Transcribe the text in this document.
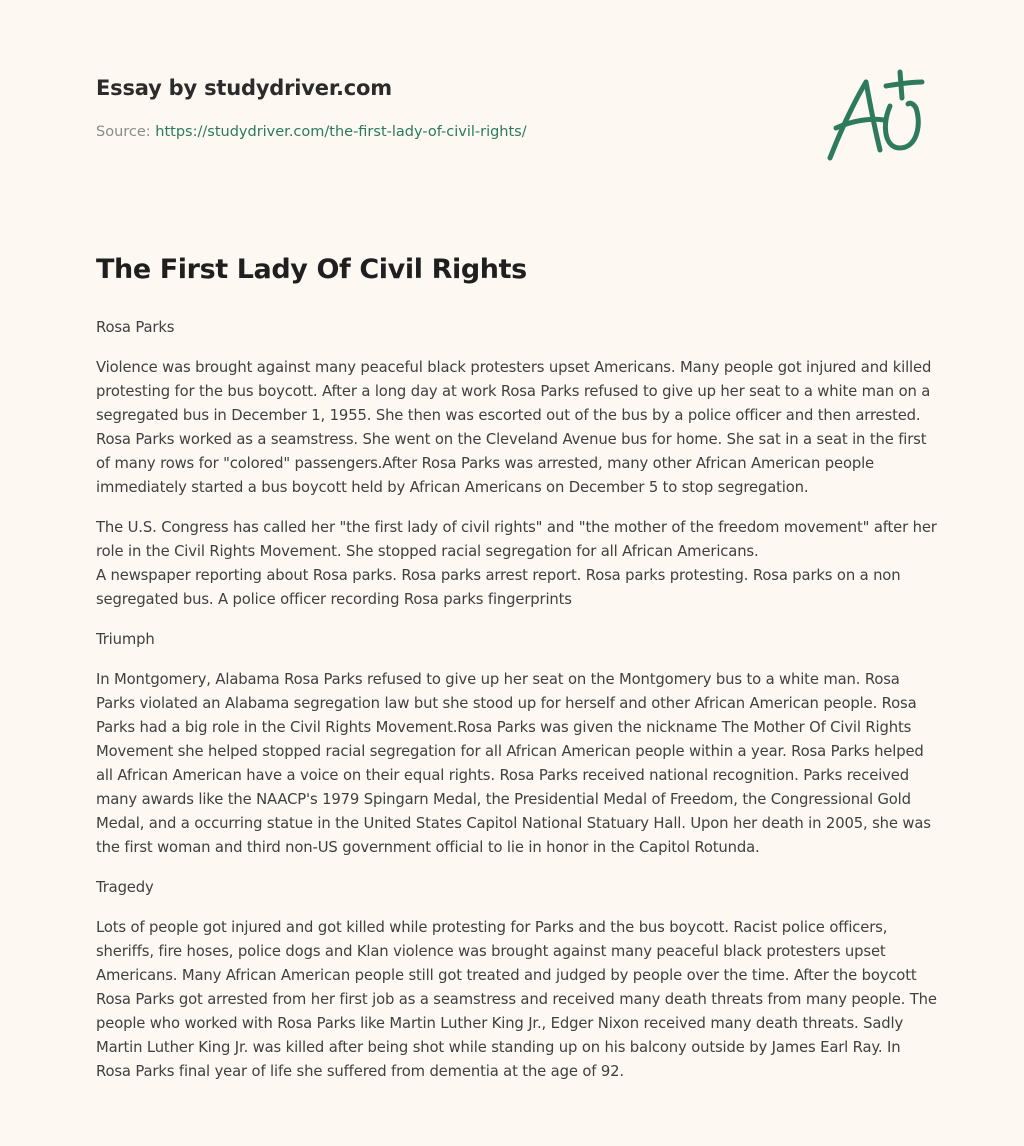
Essay by studydriver.com
Source: https://studydriver.com/the-first-lady-of-civil-rights/
The First Lady Of Civil Rights

Rosa Parks

Violence was brought against many peaceful black protesters upset Americans. Many people got injured and killed protesting for the bus boycott. After a long day at work Rosa Parks refused to give up her seat to a white man on a segregated bus in December 1, 1955. She then was escorted out of the bus by a police officer and then arrested.
Rosa Parks worked as a seamstress. She went on the Cleveland Avenue bus for home. She sat in a seat in the first of many rows for "colored" passengers.After Rosa Parks was arrested, many other African American people immediately started a bus boycott held by African Americans on December 5 to stop segregation.

The U.S. Congress has called her "the first lady of civil rights" and "the mother of the freedom movement" after her role in the Civil Rights Movement. She stopped racial segregation for all African Americans.
A newspaper reporting about Rosa parks. Rosa parks arrest report. Rosa parks protesting. Rosa parks on a non segregated bus. A police officer recording Rosa parks fingerprints

Triumph

In Montgomery, Alabama Rosa Parks refused to give up her seat on the Montgomery bus to a white man. Rosa Parks violated an Alabama segregation law but she stood up for herself and other African American people. Rosa Parks had a big role in the Civil Rights Movement.Rosa Parks was given the nickname The Mother Of Civil Rights Movement she helped stopped racial segregation for all African American people within a year. Rosa Parks helped all African American have a voice on their equal rights. Rosa Parks received national recognition. Parks received many awards like the NAACP's 1979 Spingarn Medal, the Presidential Medal of Freedom, the Congressional Gold Medal, and a occurring statue in the United States Capitol National Statuary Hall. Upon her death in 2005, she was the first woman and third non-US government official to lie in honor in the Capitol Rotunda.

Tragedy

Lots of people got injured and got killed while protesting for Parks and the bus boycott. Racist police officers, sheriffs, fire hoses, police dogs and Klan violence was brought against many peaceful black protesters upset Americans. Many African American people still got treated and judged by people over the time. After the boycott Rosa Parks got arrested from her first job as a seamstress and received many death threats from many people. The people who worked with Rosa Parks like Martin Luther King Jr., Edger Nixon received many death threats. Sadly Martin Luther King Jr. was killed after being shot while standing up on his balcony outside by James Earl Ray. In Rosa Parks final year of life she suffered from dementia at the age of 92.
